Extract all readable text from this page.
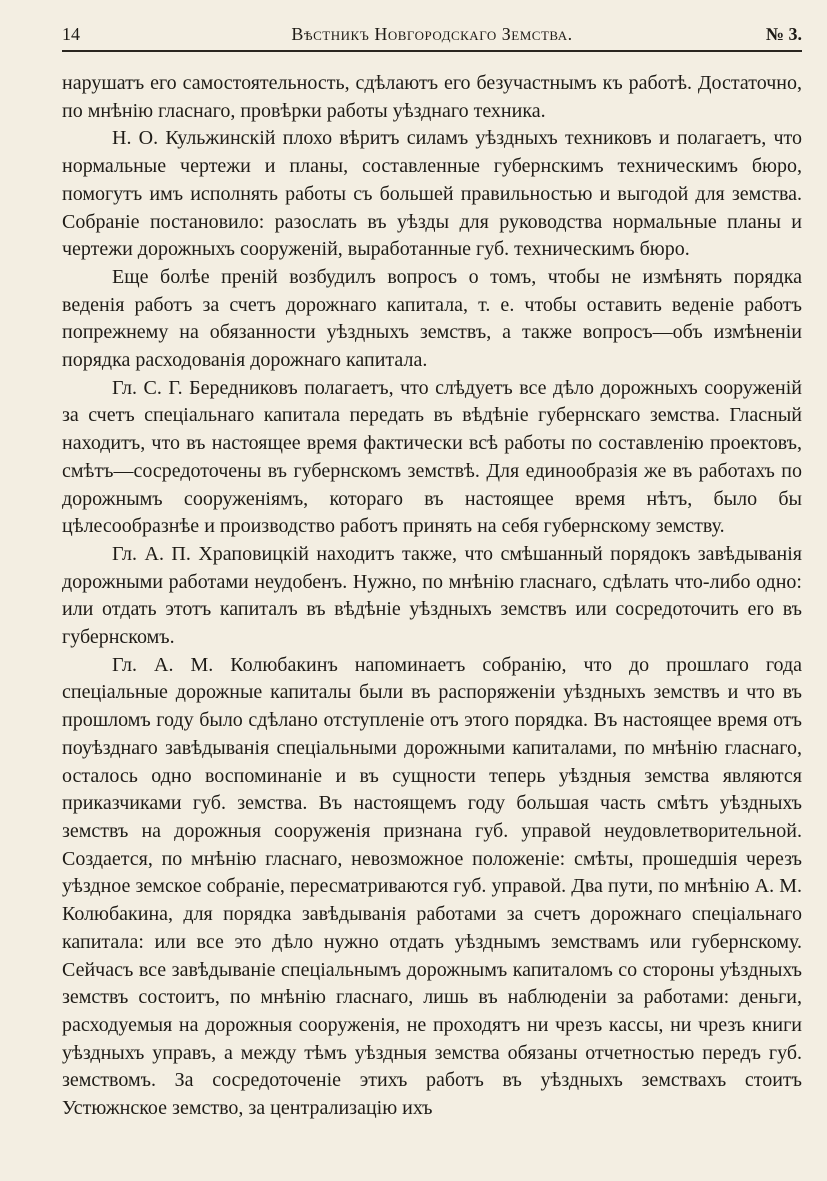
14	Вѣстникъ Новгородскаго Земства.	№ 3.

нарушатъ его самостоятельность, сдѣлаютъ его безучастнымъ къ работѣ. Достаточно, по мнѣнію гласнаго, провѣрки работы уѣзднаго техника.

Н. О. Кульжинскій плохо вѣритъ силамъ уѣздныхъ техниковъ и полагаетъ, что нормальные чертежи и планы, составленные губернскимъ техническимъ бюро, помогутъ имъ исполнять работы съ большей правильностью и выгодой для земства. Собраніе постановило: разослать въ уѣзды для руководства нормальные планы и чертежи дорожныхъ сооруженій, выработанные губ. техническимъ бюро.

Еще болѣе преній возбудилъ вопросъ о томъ, чтобы не измѣнять порядка веденія работъ за счетъ дорожнаго капитала, т. е. чтобы оставить веденіе работъ попрежнему на обязанности уѣздныхъ земствъ, а также вопросъ—объ измѣненіи порядка расходованія дорожнаго капитала.

Гл. С. Г. Бередниковъ полагаетъ, что слѣдуетъ все дѣло дорожныхъ сооруженій за счетъ спеціальнаго капитала передать въ вѣдѣніе губернскаго земства. Гласный находитъ, что въ настоящее время фактически всѣ работы по составленію проектовъ, смѣтъ—сосредоточены въ губернскомъ земствѣ. Для единообразія же въ работахъ по дорожнымъ сооруженіямъ, котораго въ настоящее время нѣтъ, было бы цѣлесообразнѣе и производство работъ принять на себя губернскому земству.

Гл. А. П. Храповицкій находитъ также, что смѣшанный порядокъ завѣдыванія дорожными работами неудобенъ. Нужно, по мнѣнію гласнаго, сдѣлать что-либо одно: или отдать этотъ капиталъ въ вѣдѣніе уѣздныхъ земствъ или сосредоточить его въ губернскомъ.

Гл. А. М. Колюбакинъ напоминаетъ собранію, что до прошлаго года спеціальные дорожные капиталы были въ распоряженіи уѣздныхъ земствъ и что въ прошломъ году было сдѣлано отступленіе отъ этого порядка. Въ настоящее время отъ поуѣзднаго завѣдыванія спеціальными дорожными капиталами, по мнѣнію гласнаго, осталось одно воспоминаніе и въ сущности теперь уѣздныя земства являются приказчиками губ. земства. Въ настоящемъ году большая часть смѣтъ уѣздныхъ земствъ на дорожныя сооруженія признана губ. управой неудовлетворительной. Создается, по мнѣнію гласнаго, невозможное положеніе: смѣты, прошедшія черезъ уѣздное земское собраніе, пересматриваются губ. управой. Два пути, по мнѣнію А. М. Колюбакина, для порядка завѣдыванія работами за счетъ дорожнаго спеціальнаго капитала: или все это дѣло нужно отдать уѣзднымъ земствамъ или губернскому. Сейчасъ все завѣдываніе спеціальнымъ дорожнымъ капиталомъ со стороны уѣздныхъ земствъ состоитъ, по мнѣнію гласнаго, лишь въ наблюденіи за работами: деньги, расходуемыя на дорожныя сооруженія, не проходятъ ни чрезъ кассы, ни чрезъ книги уѣздныхъ управъ, а между тѣмъ уѣздныя земства обязаны отчетностью передъ губ. земствомъ. За сосредоточеніе этихъ работъ въ уѣздныхъ земствахъ стоитъ Устюжнское земство, за централизацію ихъ
